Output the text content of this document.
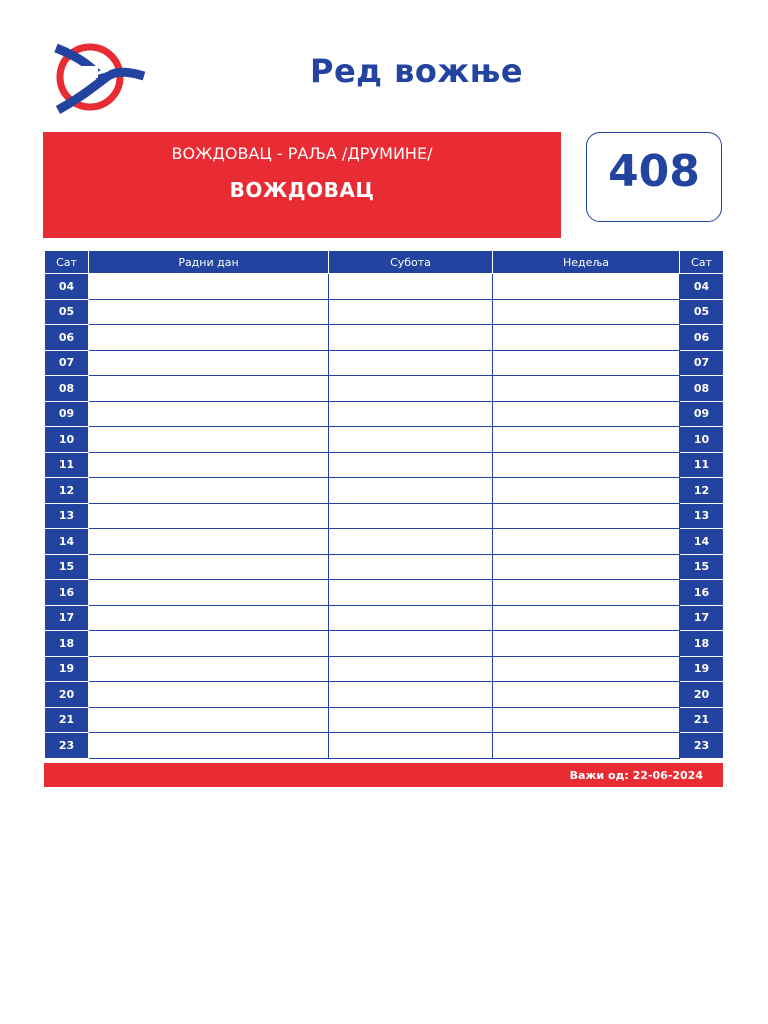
Ред вожње
ВОЖДОВАЦ - РАЉА /ДРУМИНЕ/
ВОЖДОВАЦ	408
Сат	Радни дан	Субота	Недеља	Сат
04				04
05				05
06				06
07				07
08				08
09				09
10				10
11				11
12				12
13				13
14				14
15				15
16				16
17				17
18				18
19				19
20				20
21				21
23				23
Важи од: 22-06-2024
